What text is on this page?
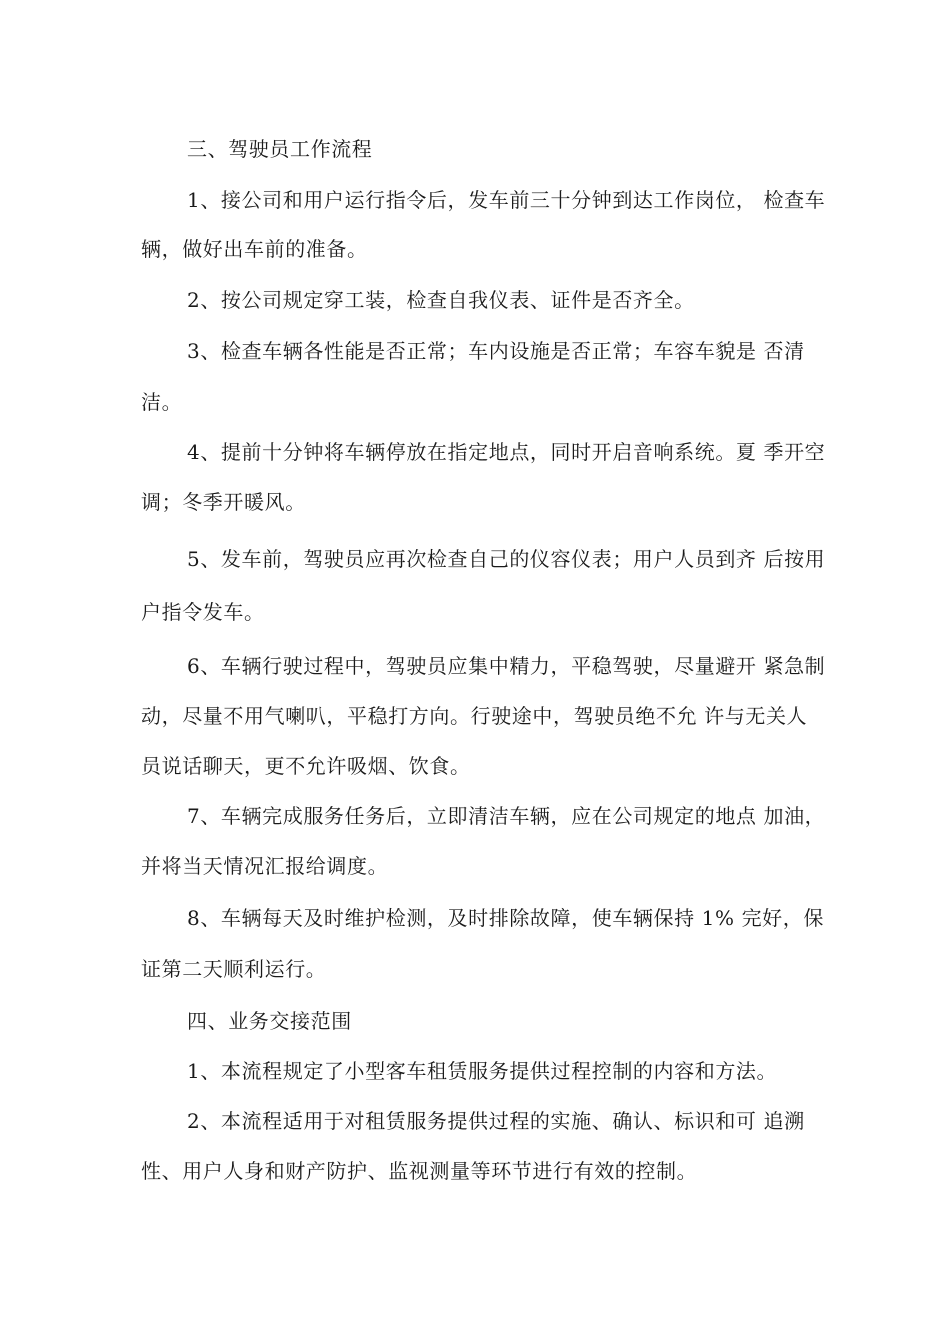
三、驾驶员工作流程
1、接公司和用户运行指令后，发车前三十分钟到达工作岗位， 检查车
辆，做好出车前的准备。
2、按公司规定穿工装，检查自我仪表、证件是否齐全。
3、检查车辆各性能是否正常；车内设施是否正常；车容车貌是 否清
洁。
4、提前十分钟将车辆停放在指定地点，同时开启音响系统。夏 季开空
调；冬季开暖风。
5、发车前，驾驶员应再次检查自己的仪容仪表；用户人员到齐 后按用
户指令发车。
6、车辆行驶过程中，驾驶员应集中精力，平稳驾驶，尽量避开 紧急制
动，尽量不用气喇叭，平稳打方向。行驶途中，驾驶员绝不允 许与无关人
员说话聊天，更不允许吸烟、饮食。
7、车辆完成服务任务后，立即清洁车辆，应在公司规定的地点 加油，
并将当天情况汇报给调度。
8、车辆每天及时维护检测，及时排除故障，使车辆保持 1% 完好，保
证第二天顺利运行。
四、业务交接范围
1、本流程规定了小型客车租赁服务提供过程控制的内容和方法。
2、本流程适用于对租赁服务提供过程的实施、确认、标识和可 追溯
性、用户人身和财产防护、监视测量等环节进行有效的控制。
